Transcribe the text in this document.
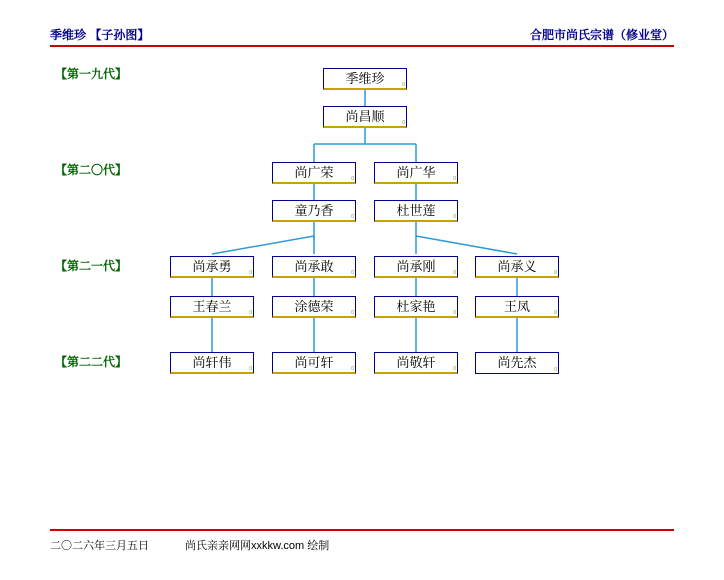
季维珍 【子孙图】	合肥市尚氏宗谱（修业堂）
【第一九代】
【第二〇代】
【第二一代】
【第二二代】
季维珍	0
尚昌顺	0
尚广荣	0	尚广华	0
童乃香	0	杜世莲	0
尚承勇	0	尚承敢	0	尚承刚	0	尚承义	0
王春兰	0	涂德荣	0	杜家艳	0	王凤	0
尚轩伟	0	尚可轩	0	尚敬轩	0	尚先杰	0
二〇二六年三月五日	尚氏亲亲网网xxkkw.com 绘制
